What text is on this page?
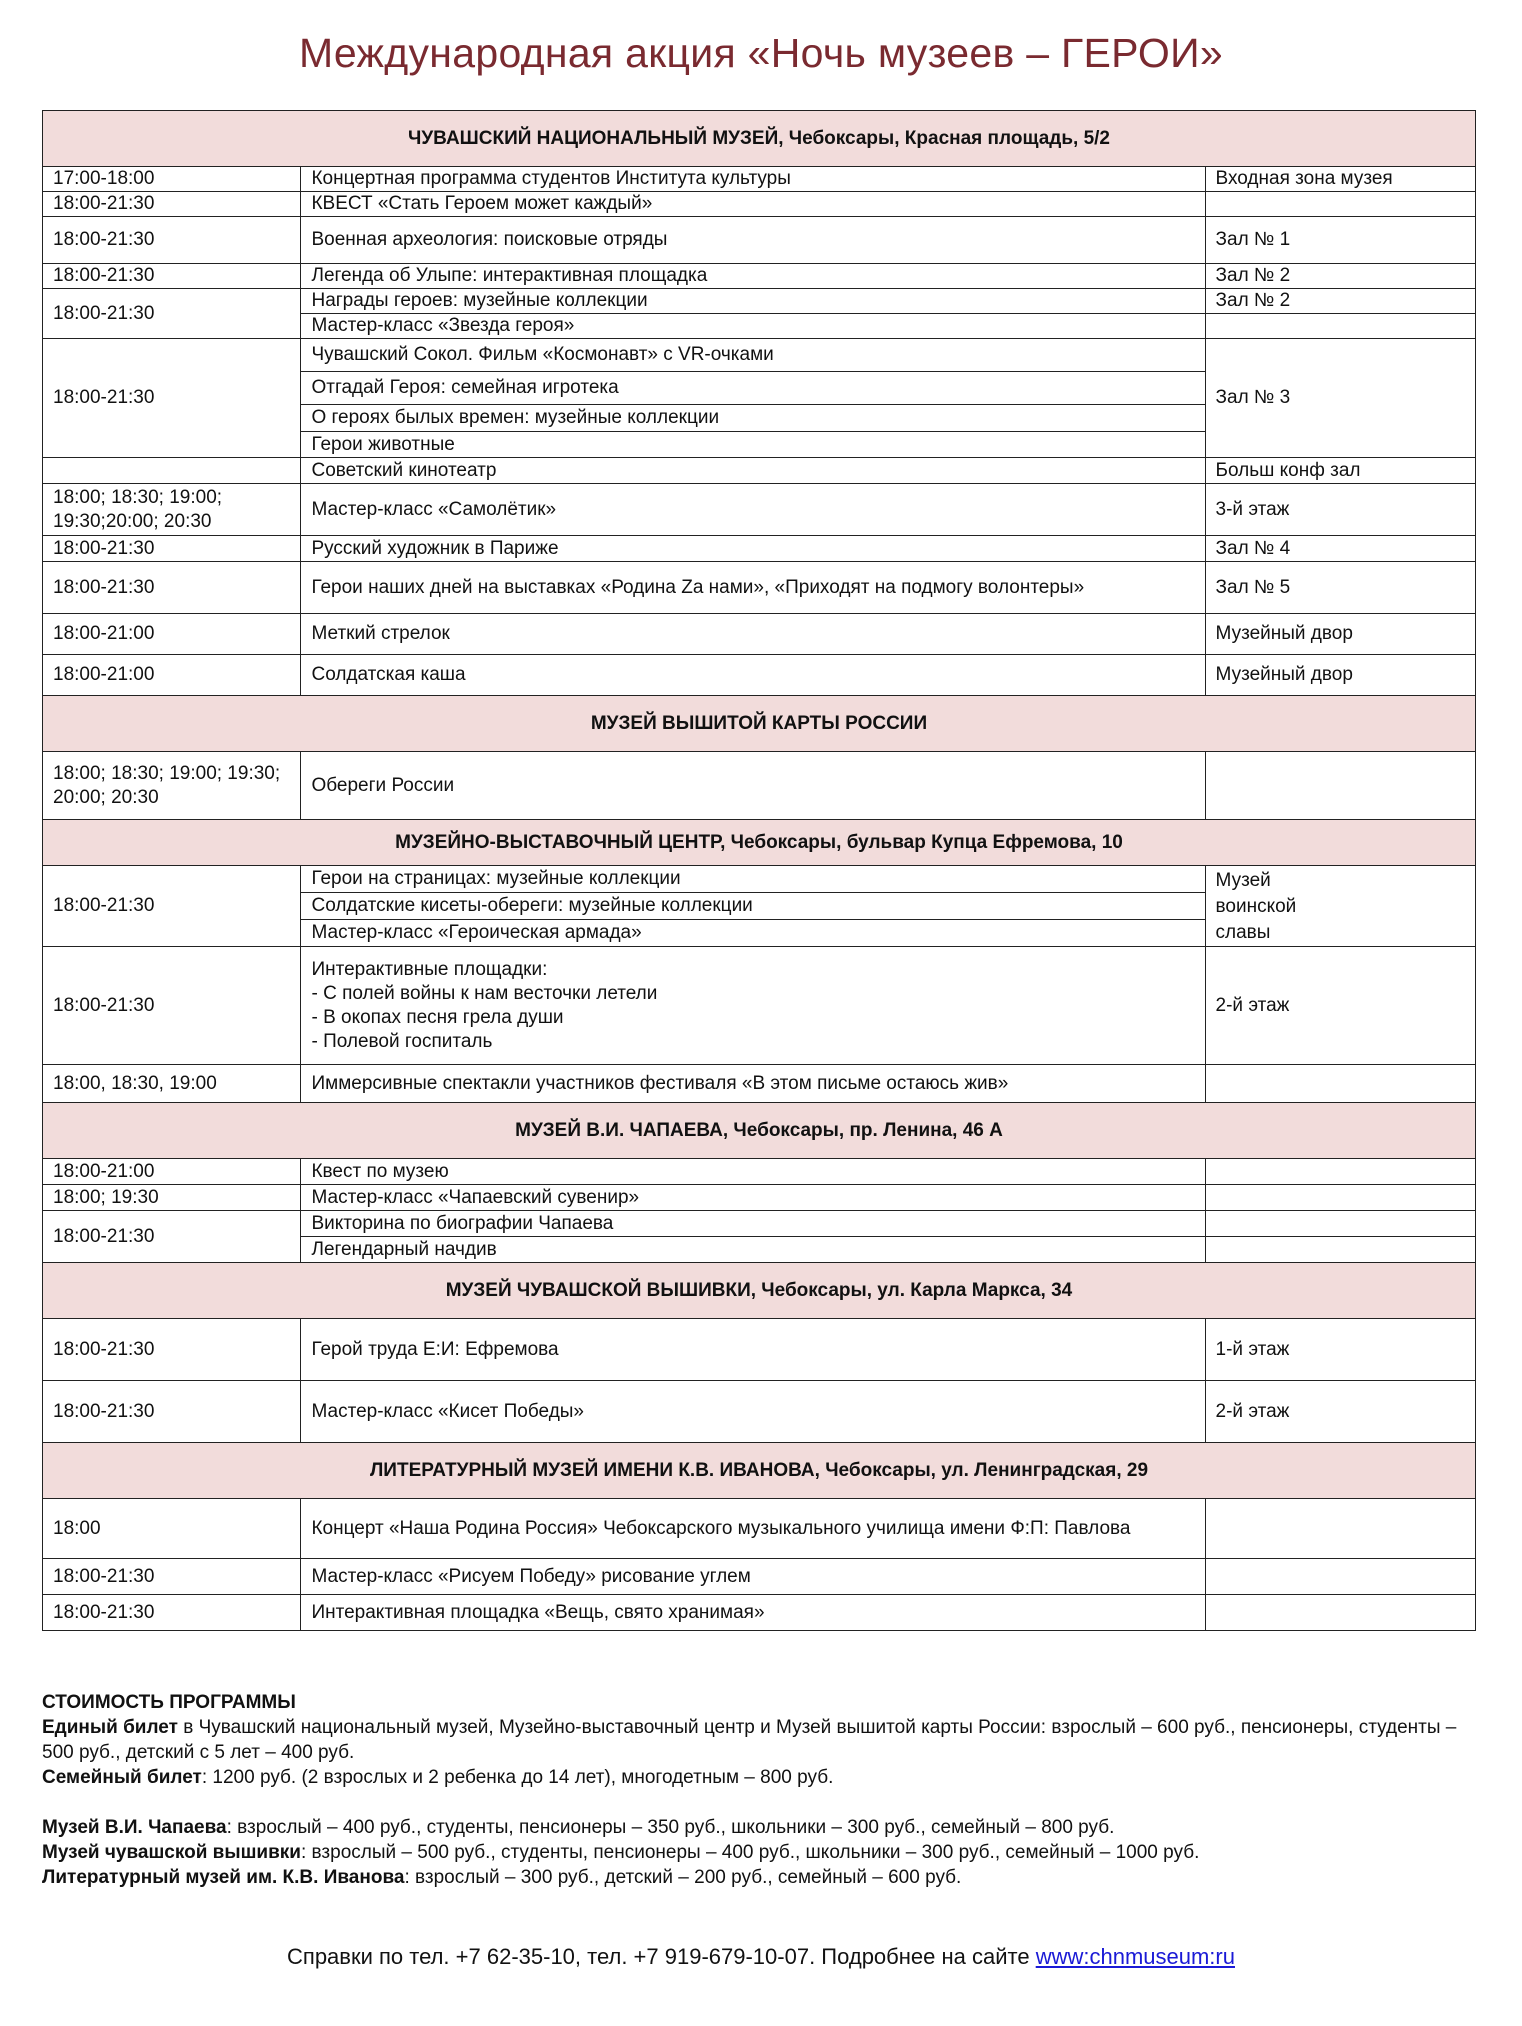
Международная акция «Ночь музеев – ГЕРОИ»
ЧУВАШСКИЙ НАЦИОНАЛЬНЫЙ МУЗЕЙ, Чебоксары, Красная площадь, 5/2		
17:00-18:00	Концертная программа студентов Института культуры	Входная зона музея
18:00-21:30	КВЕСТ «Стать Героем может каждый»	
18:00-21:30	Военная археология: поисковые отряды	Зал № 1
18:00-21:30	Легенда об Улыпе: интерактивная площадка	Зал № 2
18:00-21:30	Награды героев: музейные коллекции	Зал № 2
	Мастер-класс «Звезда героя»	
18:00-21:30	Чувашский Сокол. Фильм «Космонавт» с VR-очками	Зал № 3
	Отгадай Героя: семейная игротека	
	О героях былых времен: музейные коллекции	
	Герои животные	
	Советский кинотеатр	Больш конф зал
18:00; 18:30; 19:00; 19:30;20:00; 20:30	Мастер-класс «Самолётик»	3-й этаж
18:00-21:30	Русский художник в Париже	Зал № 4
18:00-21:30	Герои наших дней на выставках «Родина Zа нами», «Приходят на подмогу волонтеры»	Зал № 5
18:00-21:00	Меткий стрелок	Музейный двор
18:00-21:00	Солдатская каша	Музейный двор
МУЗЕЙ ВЫШИТОЙ КАРТЫ РОССИИ		
18:00; 18:30; 19:00; 19:30; 20:00; 20:30	Обереги России	
МУЗЕЙНО-ВЫСТАВОЧНЫЙ ЦЕНТР, Чебоксары, бульвар Купца Ефремова, 10		
18:00-21:30	Герои на страницах: музейные коллекции	Музей воинской славы

	Солдатские кисеты-обереги: музейные коллекции	
	Мастер-класс «Героическая армада»	
18:00-21:30	Интерактивные площадки:
- С полей войны к нам весточки летели
- В окопах песня грела души
- Полевой госпиталь	2-й этаж
18:00, 18:30, 19:00	Иммерсивные спектакли участников фестиваля «В этом письме остаюсь жив»	
МУЗЕЙ В.И. ЧАПАЕВА, Чебоксары, пр. Ленина, 46 А		
18:00-21:00	Квест по музею	
18:00; 19:30	Мастер-класс «Чапаевский сувенир»	
18:00-21:30	Викторина по биографии Чапаева	
	Легендарный начдив	
МУЗЕЙ ЧУВАШСКОЙ ВЫШИВКИ, Чебоксары, ул. Карла Маркса, 34		
18:00-21:30	Герой труда Е:И: Ефремова	1-й этаж
18:00-21:30	Мастер-класс «Кисет Победы»	2-й этаж
ЛИТЕРАТУРНЫЙ МУЗЕЙ ИМЕНИ К.В. ИВАНОВА, Чебоксары, ул. Ленинградская, 29		
18:00	Концерт «Наша Родина Россия» Чебоксарского музыкального училища имени Ф:П: Павлова	
18:00-21:30	Мастер-класс «Рисуем Победу» рисование углем	
18:00-21:30	Интерактивная площадка «Вещь, свято хранимая»	
СТОИМОСТЬ ПРОГРАММЫ
Единый билет в Чувашский национальный музей, Музейно-выставочный центр и Музей вышитой карты России: взрослый – 600 руб., пенсионеры, студенты – 500 руб., детский с 5 лет – 400 руб.
Семейный билет: 1200 руб. (2 взрослых и 2 ребенка до 14 лет), многодетным – 800 руб.
Музей В.И. Чапаева: взрослый – 400 руб., студенты, пенсионеры – 350 руб., школьники – 300 руб., семейный – 800 руб.
Музей чувашской вышивки: взрослый – 500 руб., студенты, пенсионеры – 400 руб., школьники – 300 руб., семейный – 1000 руб.
Литературный музей им. К.В. Иванова: взрослый – 300 руб., детский – 200 руб., семейный – 600 руб.
Справки по тел. +7 62-35-10, тел. +7 919-679-10-07. Подробнее на сайте www:chnmuseum:ru
